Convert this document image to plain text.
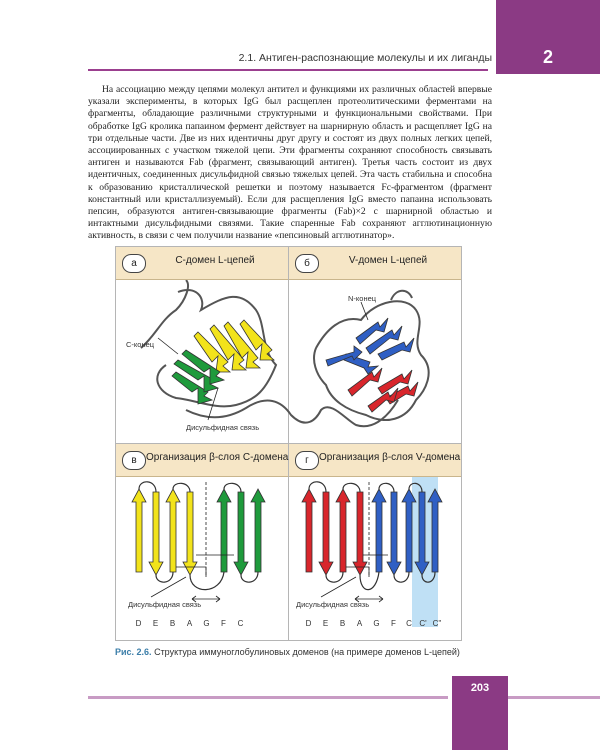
2.1. Антиген-распознающие молекулы и их лиганды	2

На ассоциацию между цепями молекул антител и функциями их различных областей впервые указали эксперименты, в которых IgG был расщеплен протеолитическими ферментами на фрагменты, обладающие различными структурными и функциональными свойствами. При обработке IgG кролика папаином фермент действует на шарнирную область и расщепляет IgG на три отдельные части. Две из них идентичны друг другу и состоят из двух полных легких цепей, ассоциированных с участком тяжелой цепи. Эти фрагменты сохраняют способность связывать антиген и называются Fab (фрагмент, связывающий антиген). Третья часть состоит из двух идентичных, соединенных дисульфидной связью тяжелых цепей. Эта часть стабильна и способна к образованию кристаллической решетки и поэтому называется Fc-фрагментом (фрагмент константный или кристаллизуемый). Если для расщепления IgG вместо папаина использовать пепсин, образуются антиген-связывающие фрагменты (Fab)×2 с шарнирной областью и интактными дисульфидными связями. Такие спаренные Fab сохраняют агглютинационную активность, в связи с чем получили название «пепсиновый агглютинатор».

а	С-домен L-цепей	б	V-домен L-цепей
в Организация β-слоя С-домена	г	Организация β-слоя V-домена
С-конец
N-конец
Дисульфидная связь
Дисульфидная связь	Дисульфидная связь
D E B A G F C	D E B A G F C C' C''
Рис. 2.6. Структура иммуноглобулиновых доменов (на примере доменов L-цепей)
203
